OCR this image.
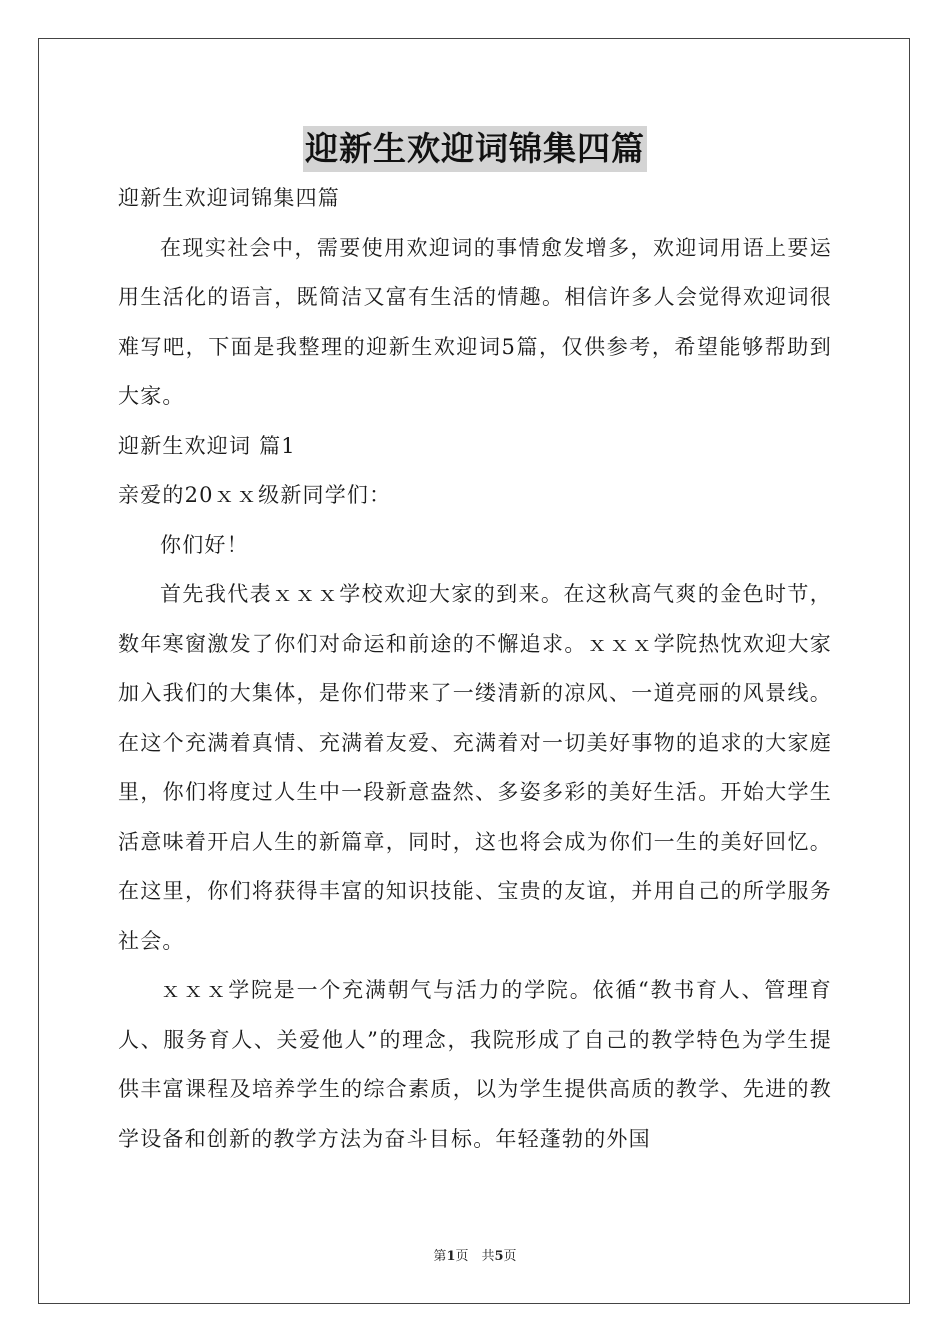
迎新生欢迎词锦集四篇

迎新生欢迎词锦集四篇

在现实社会中，需要使用欢迎词的事情愈发增多，欢迎词用语上要运用生活化的语言，既简洁又富有生活的情趣。相信许多人会觉得欢迎词很难写吧，下面是我整理的迎新生欢迎词5篇，仅供参考，希望能够帮助到大家。

迎新生欢迎词 篇1

亲爱的20ｘｘ级新同学们：

你们好！

首先我代表ｘｘｘ学校欢迎大家的到来。在这秋高气爽的金色时节，数年寒窗激发了你们对命运和前途的不懈追求。ｘｘｘ学院热忱欢迎大家加入我们的大集体，是你们带来了一缕清新的凉风、一道亮丽的风景线。在这个充满着真情、充满着友爱、充满着对一切美好事物的追求的大家庭里，你们将度过人生中一段新意盎然、多姿多彩的美好生活。开始大学生活意味着开启人生的新篇章，同时，这也将会成为你们一生的美好回忆。在这里，你们将获得丰富的知识技能、宝贵的友谊，并用自己的所学服务社会。

ｘｘｘ学院是一个充满朝气与活力的学院。依循“教书育人、管理育人、服务育人、关爱他人”的理念，我院形成了自己的教学特色为学生提供丰富课程及培养学生的综合素质，以为学生提供高质的教学、先进的教学设备和创新的教学方法为奋斗目标。年轻蓬勃的外国

第1页　共5页
